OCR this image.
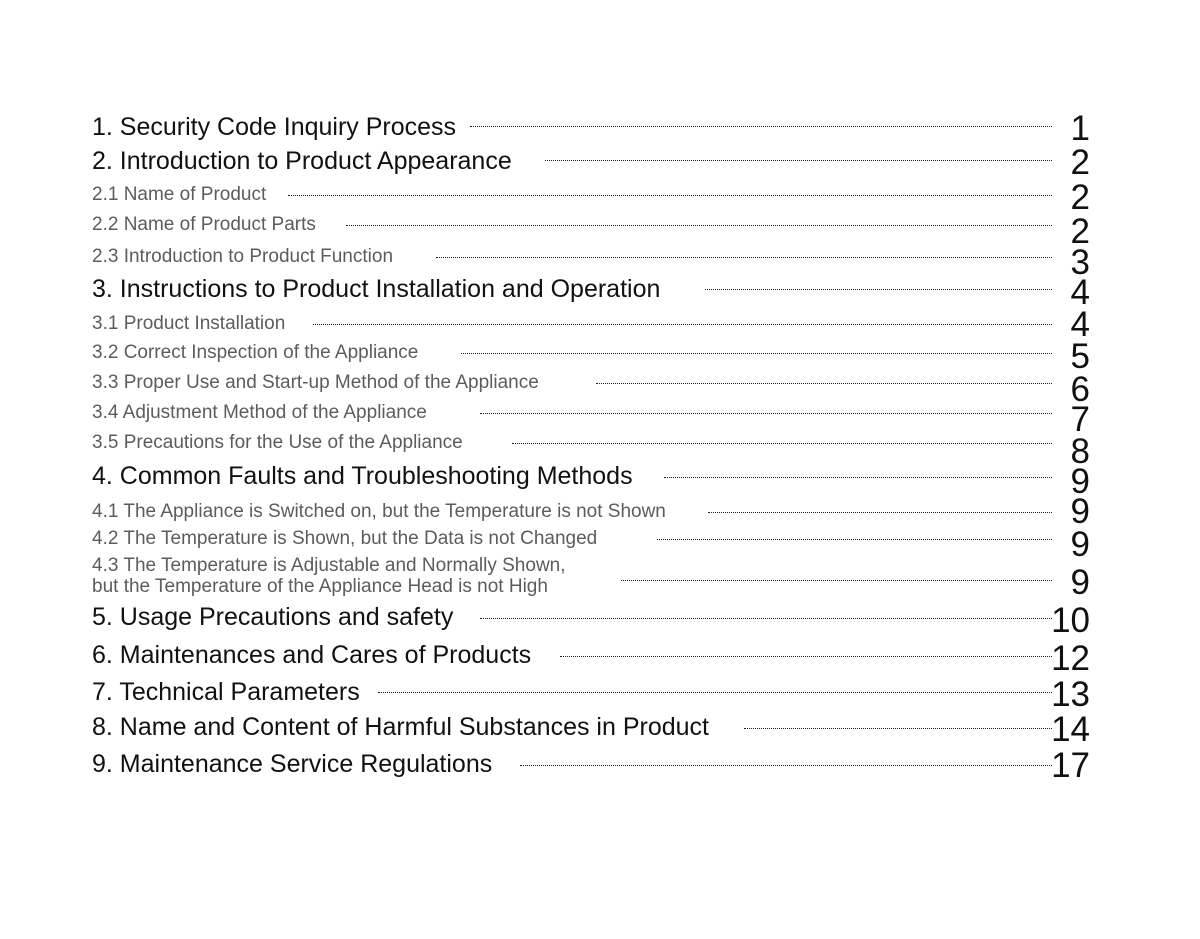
1. Security Code Inquiry Process	1
2. Introduction to Product Appearance	2
2.1 Name of Product	2
2.2 Name of Product Parts	2
2.3 Introduction to Product Function	3
3. Instructions to Product Installation and Operation	4
3.1 Product Installation	4
3.2 Correct Inspection of the Appliance	5
3.3 Proper Use and Start-up Method of the Appliance	6
3.4 Adjustment Method of the Appliance	7
3.5 Precautions for the Use of the Appliance	8
4. Common Faults and Troubleshooting Methods	9
4.1 The Appliance is Switched on, but the Temperature is not Shown	9
4.2 The Temperature is Shown, but the Data is not Changed	9
4.3 The Temperature is Adjustable and Normally Shown,
but the Temperature of the Appliance Head is not High	9
5. Usage Precautions and safety	10
6. Maintenances and Cares of Products	12
7. Technical Parameters	13
8. Name and Content of Harmful Substances in Product	14
9. Maintenance Service Regulations	17
